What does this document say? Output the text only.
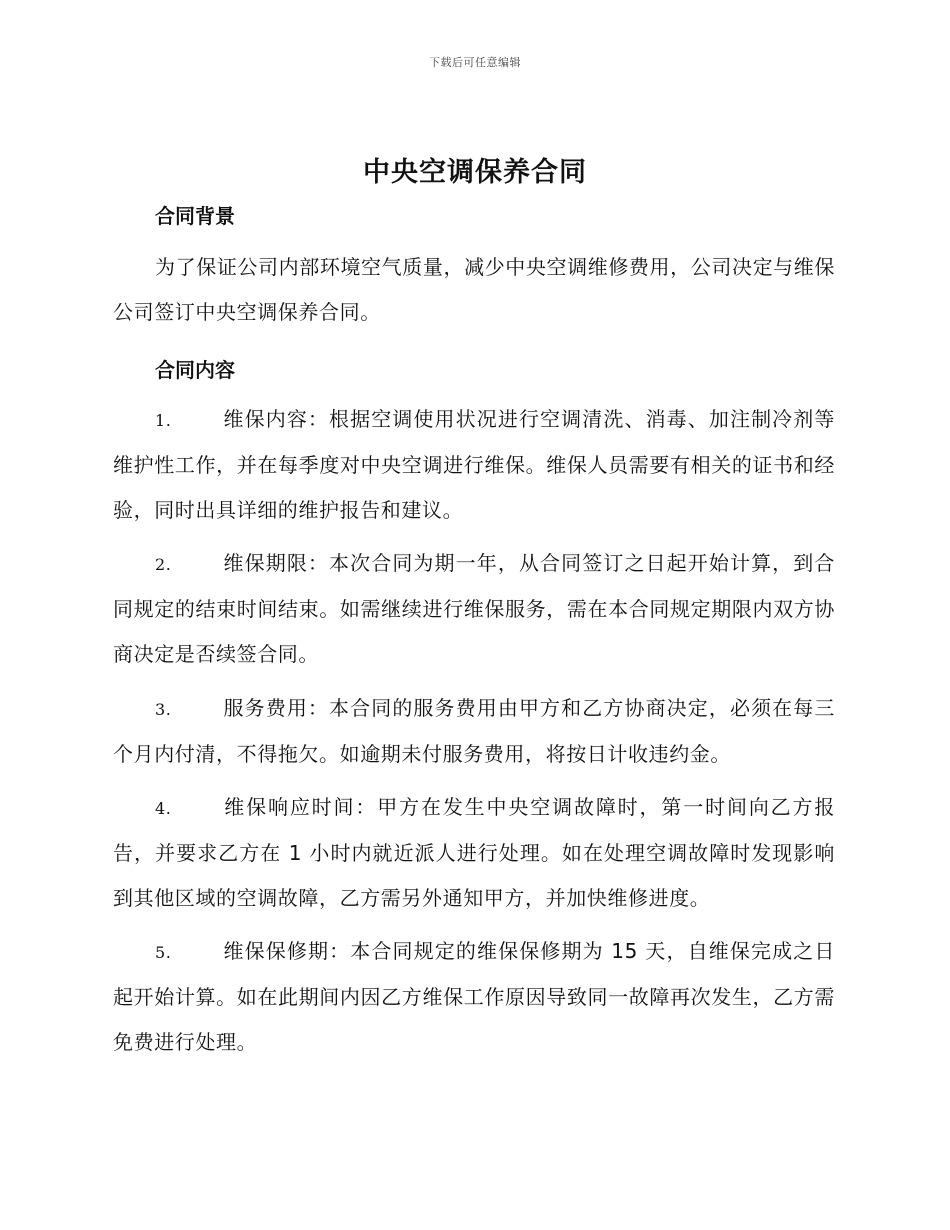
下载后可任意编辑
中央空调保养合同
合同背景
为了保证公司内部环境空气质量，减少中央空调维修费用，公司决定与维保公司签订中央空调保养合同。
合同内容
1.	维保内容：根据空调使用状况进行空调清洗、消毒、加注制冷剂等维护性工作，并在每季度对中央空调进行维保。维保人员需要有相关的证书和经验，同时出具详细的维护报告和建议。
2.	维保期限：本次合同为期一年，从合同签订之日起开始计算，到合同规定的结束时间结束。如需继续进行维保服务，需在本合同规定期限内双方协商决定是否续签合同。
3.	服务费用：本合同的服务费用由甲方和乙方协商决定，必须在每三个月内付清，不得拖欠。如逾期未付服务费用，将按日计收违约金。
4.	维保响应时间：甲方在发生中央空调故障时，第一时间向乙方报告，并要求乙方在 1 小时内就近派人进行处理。如在处理空调故障时发现影响到其他区域的空调故障，乙方需另外通知甲方，并加快维修进度。
5.	维保保修期：本合同规定的维保保修期为 15 天，自维保完成之日起开始计算。如在此期间内因乙方维保工作原因导致同一故障再次发生，乙方需免费进行处理。
